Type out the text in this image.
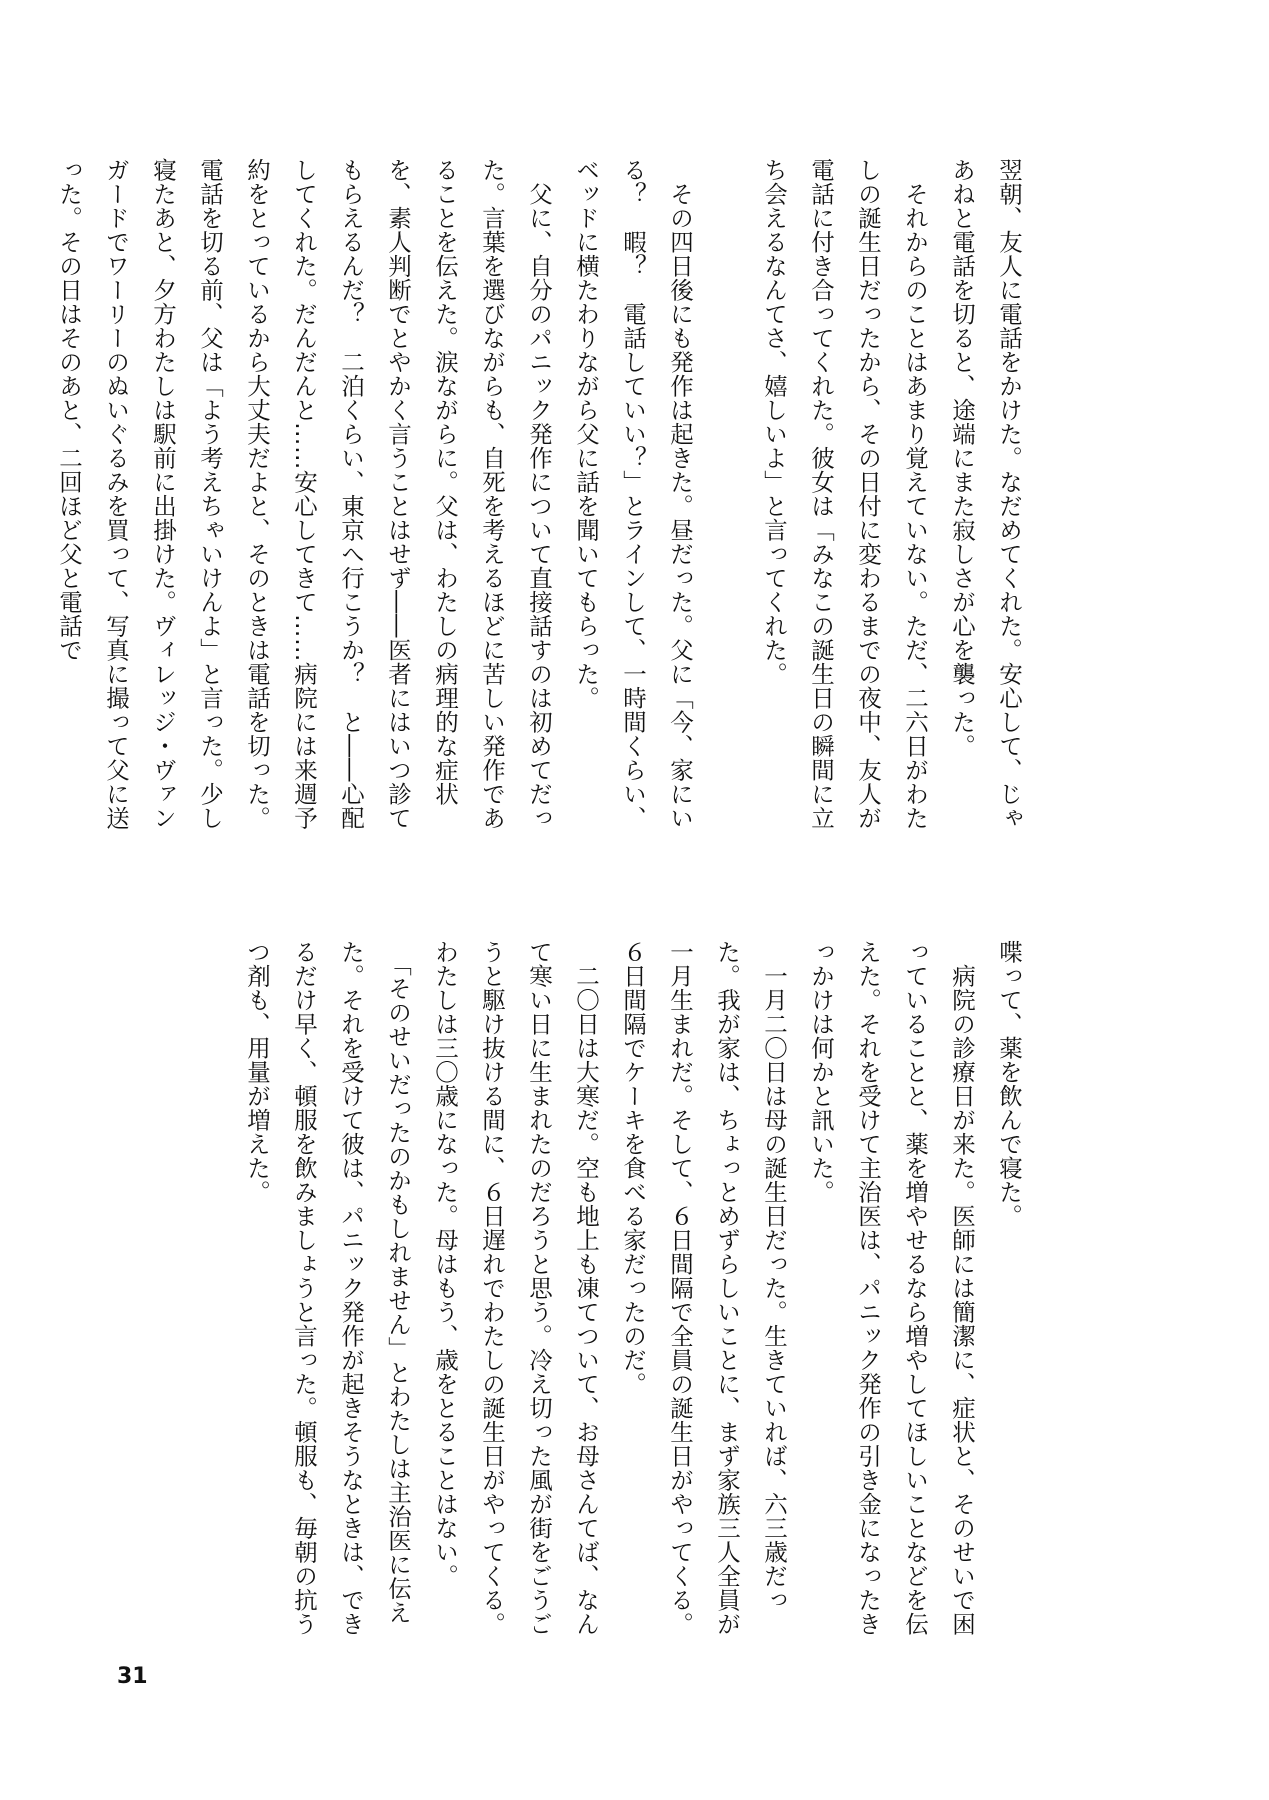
翌朝、友人に電話をかけた。なだめてくれた。安心して、じゃあねと電話を切ると、途端にまた寂しさが心を襲った。

　それからのことはあまり覚えていない。ただ、二六日がわたしの誕生日だったから、その日付に変わるまでの夜中、友人が電話に付き合ってくれた。彼女は「みなこの誕生日の瞬間に立ち会えるなんてさ、嬉しいよ」と言ってくれた。

　その四日後にも発作は起きた。昼だった。父に「今、家にいる？　暇？　電話していい？」とラインして、一時間くらい、ベッドに横たわりながら父に話を聞いてもらった。

　父に、自分のパニック発作について直接話すのは初めてだった。言葉を選びながらも、自死を考えるほどに苦しい発作であることを伝えた。涙ながらに。父は、わたしの病理的な症状を、素人判断でとやかく言うことはせず――医者にはいつ診てもらえるんだ？　二泊くらい、東京へ行こうか？　と――心配してくれた。だんだんと……安心してきて……病院には来週予約をとっているから大丈夫だよと、そのときは電話を切った。電話を切る前、父は「よう考えちゃいけんよ」と言った。少し寝たあと、夕方わたしは駅前に出掛けた。ヴィレッジ・ヴァンガードでワーリーのぬいぐるみを買って、写真に撮って父に送った。その日はそのあと、二回ほど父と電話で

喋って、薬を飲んで寝た。

　病院の診療日が来た。医師には簡潔に、症状と、そのせいで困っていることと、薬を増やせるなら増やしてほしいことなどを伝えた。それを受けて主治医は、パニック発作の引き金になったきっかけは何かと訊いた。

　一月二〇日は母の誕生日だった。生きていれば、六三歳だった。我が家は、ちょっとめずらしいことに、まず家族三人全員が一月生まれだ。そして、６日間隔で全員の誕生日がやってくる。６日間隔でケーキを食べる家だったのだ。

　二〇日は大寒だ。空も地上も凍てついて、お母さんてば、なんて寒い日に生まれたのだろうと思う。冷え切った風が街をごうごうと駆け抜ける間に、６日遅れでわたしの誕生日がやってくる。わたしは三〇歳になった。母はもう、歳をとることはない。

　「そのせいだったのかもしれません」とわたしは主治医に伝えた。それを受けて彼は、パニック発作が起きそうなときは、できるだけ早く、頓服を飲みましょうと言った。頓服も、毎朝の抗うつ剤も、用量が増えた。

31
